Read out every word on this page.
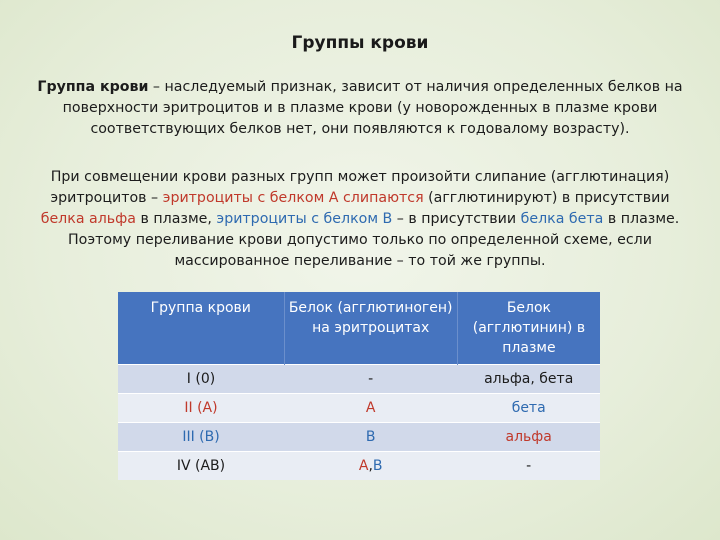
Группы крови
Группа крови – наследуемый признак, зависит от наличия определенных белков на поверхности эритроцитов и в плазме крови (у новорожденных в плазме крови соответствующих белков нет, они появляются к годовалому возрасту).
При совмещении крови разных групп может произойти слипание (агглютинация) эритроцитов – эритроциты с белком А слипаются (агглютинируют) в присутствии белка альфа в плазме, эритроциты с белком В – в присутствии белка бета в плазме. Поэтому переливание крови допустимо только по определенной схеме, если массированное переливание – то той же группы.
Группа крови	Белок (агглютиноген) на эритроцитах	Белок (агглютинин) в плазме
I (0)	-	альфа, бета
II (A)	A	бета
III (B)	B	альфа
IV (AB)	A,B	-
